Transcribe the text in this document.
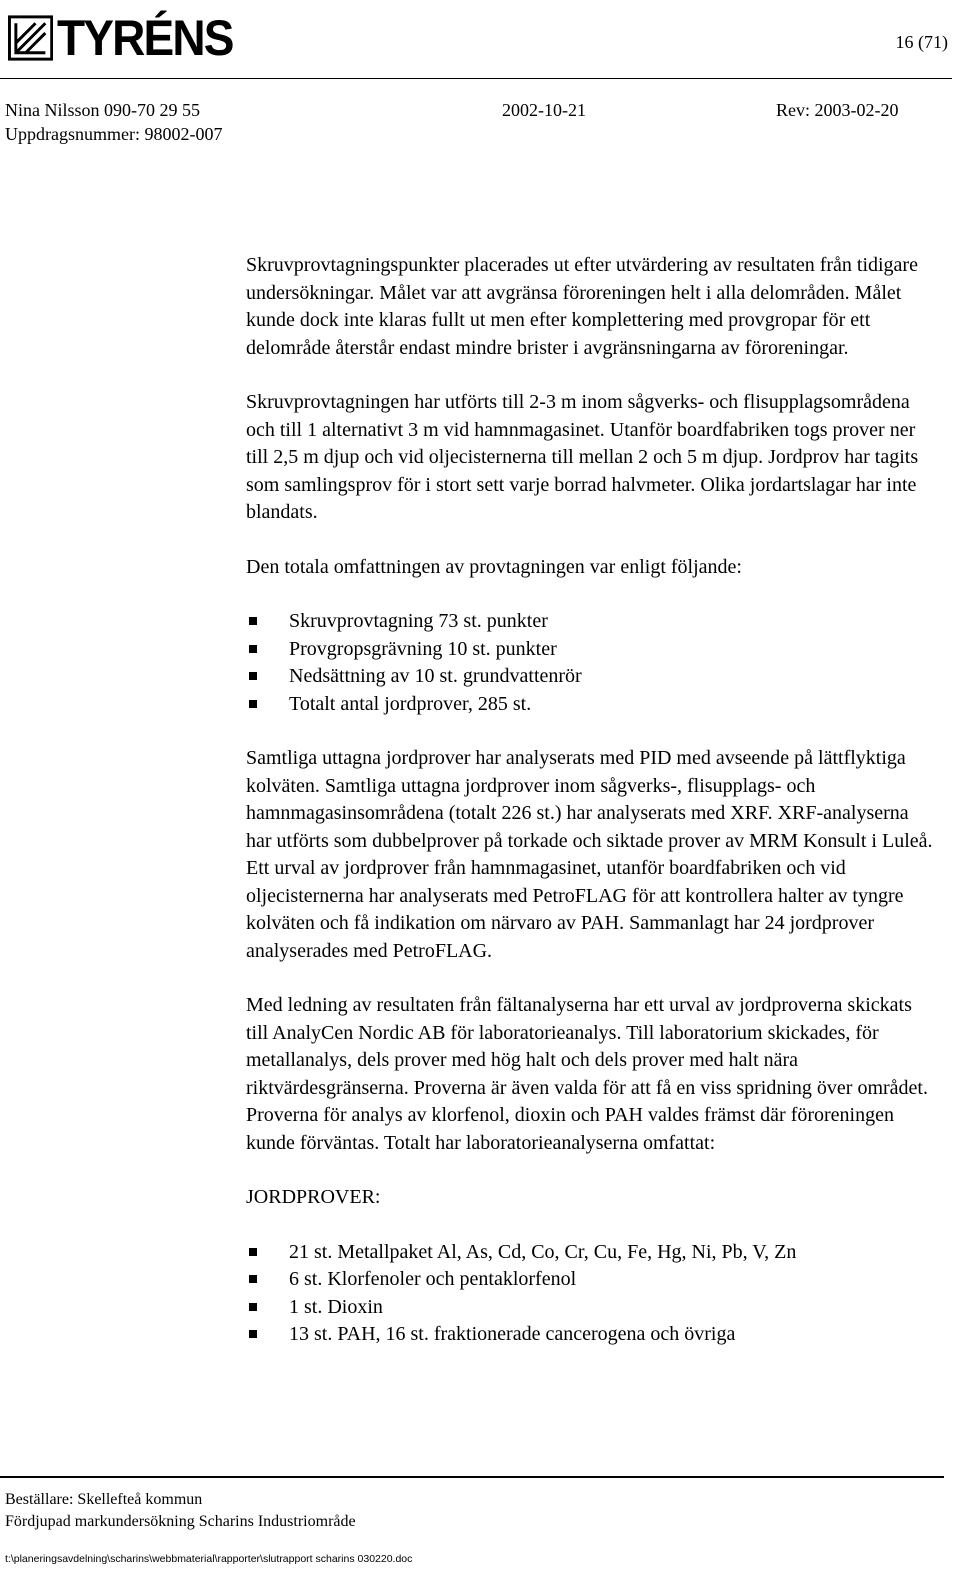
TYRÉNS	16 (71)
Nina Nilsson 090-70 29 55
Uppdragsnummer: 98002-007
2002-10-21	Rev: 2003-02-20

Skruvprovtagningspunkter placerades ut efter utvärdering av resultaten från tidigare undersökningar. Målet var att avgränsa föroreningen helt i alla delområden. Målet kunde dock inte klaras fullt ut men efter komplettering med provgropar för ett delområde återstår endast mindre brister i avgränsningarna av föroreningar.

Skruvprovtagningen har utförts till 2-3 m inom sågverks- och flisupplagsområdena och till 1 alternativt 3 m vid hamnmagasinet. Utanför boardfabriken togs prover ner till 2,5 m djup och vid oljecisternerna till mellan 2 och 5 m djup. Jordprov har tagits som samlingsprov för i stort sett varje borrad halvmeter. Olika jordartslagar har inte blandats.

Den totala omfattningen av provtagningen var enligt följande:

Skruvprovtagning 73 st. punkter
Provgropsgrävning 10 st. punkter
Nedsättning av 10 st. grundvattenrör
Totalt antal jordprover, 285 st.

Samtliga uttagna jordprover har analyserats med PID med avseende på lättflyktiga kolväten. Samtliga uttagna jordprover inom sågverks-, flisupplags- och hamnmagasinsområdena (totalt 226 st.) har analyserats med XRF. XRF-analyserna har utförts som dubbelprover på torkade och siktade prover av MRM Konsult i Luleå. Ett urval av jordprover från hamnmagasinet, utanför boardfabriken och vid oljecisternerna har analyserats med PetroFLAG för att kontrollera halter av tyngre kolväten och få indikation om närvaro av PAH. Sammanlagt har 24 jordprover analyserades med PetroFLAG.

Med ledning av resultaten från fältanalyserna har ett urval av jordproverna skickats till AnalyCen Nordic AB för laboratorieanalys. Till laboratorium skickades, för metallanalys, dels prover med hög halt och dels prover med halt nära riktvärdesgränserna. Proverna är även valda för att få en viss spridning över området. Proverna för analys av klorfenol, dioxin och PAH valdes främst där föroreningen kunde förväntas. Totalt har laboratorieanalyserna omfattat:

JORDPROVER:

21 st. Metallpaket Al, As, Cd, Co, Cr, Cu, Fe, Hg, Ni, Pb, V, Zn
6 st. Klorfenoler och pentaklorfenol
1 st. Dioxin
13 st. PAH, 16 st. fraktionerade cancerogena och övriga
Beställare: Skellefteå kommun
Fördjupad markundersökning Scharins Industriområde
t:\planeringsavdelning\scharins\webbmaterial\rapporter\slutrapport scharins 030220.doc
